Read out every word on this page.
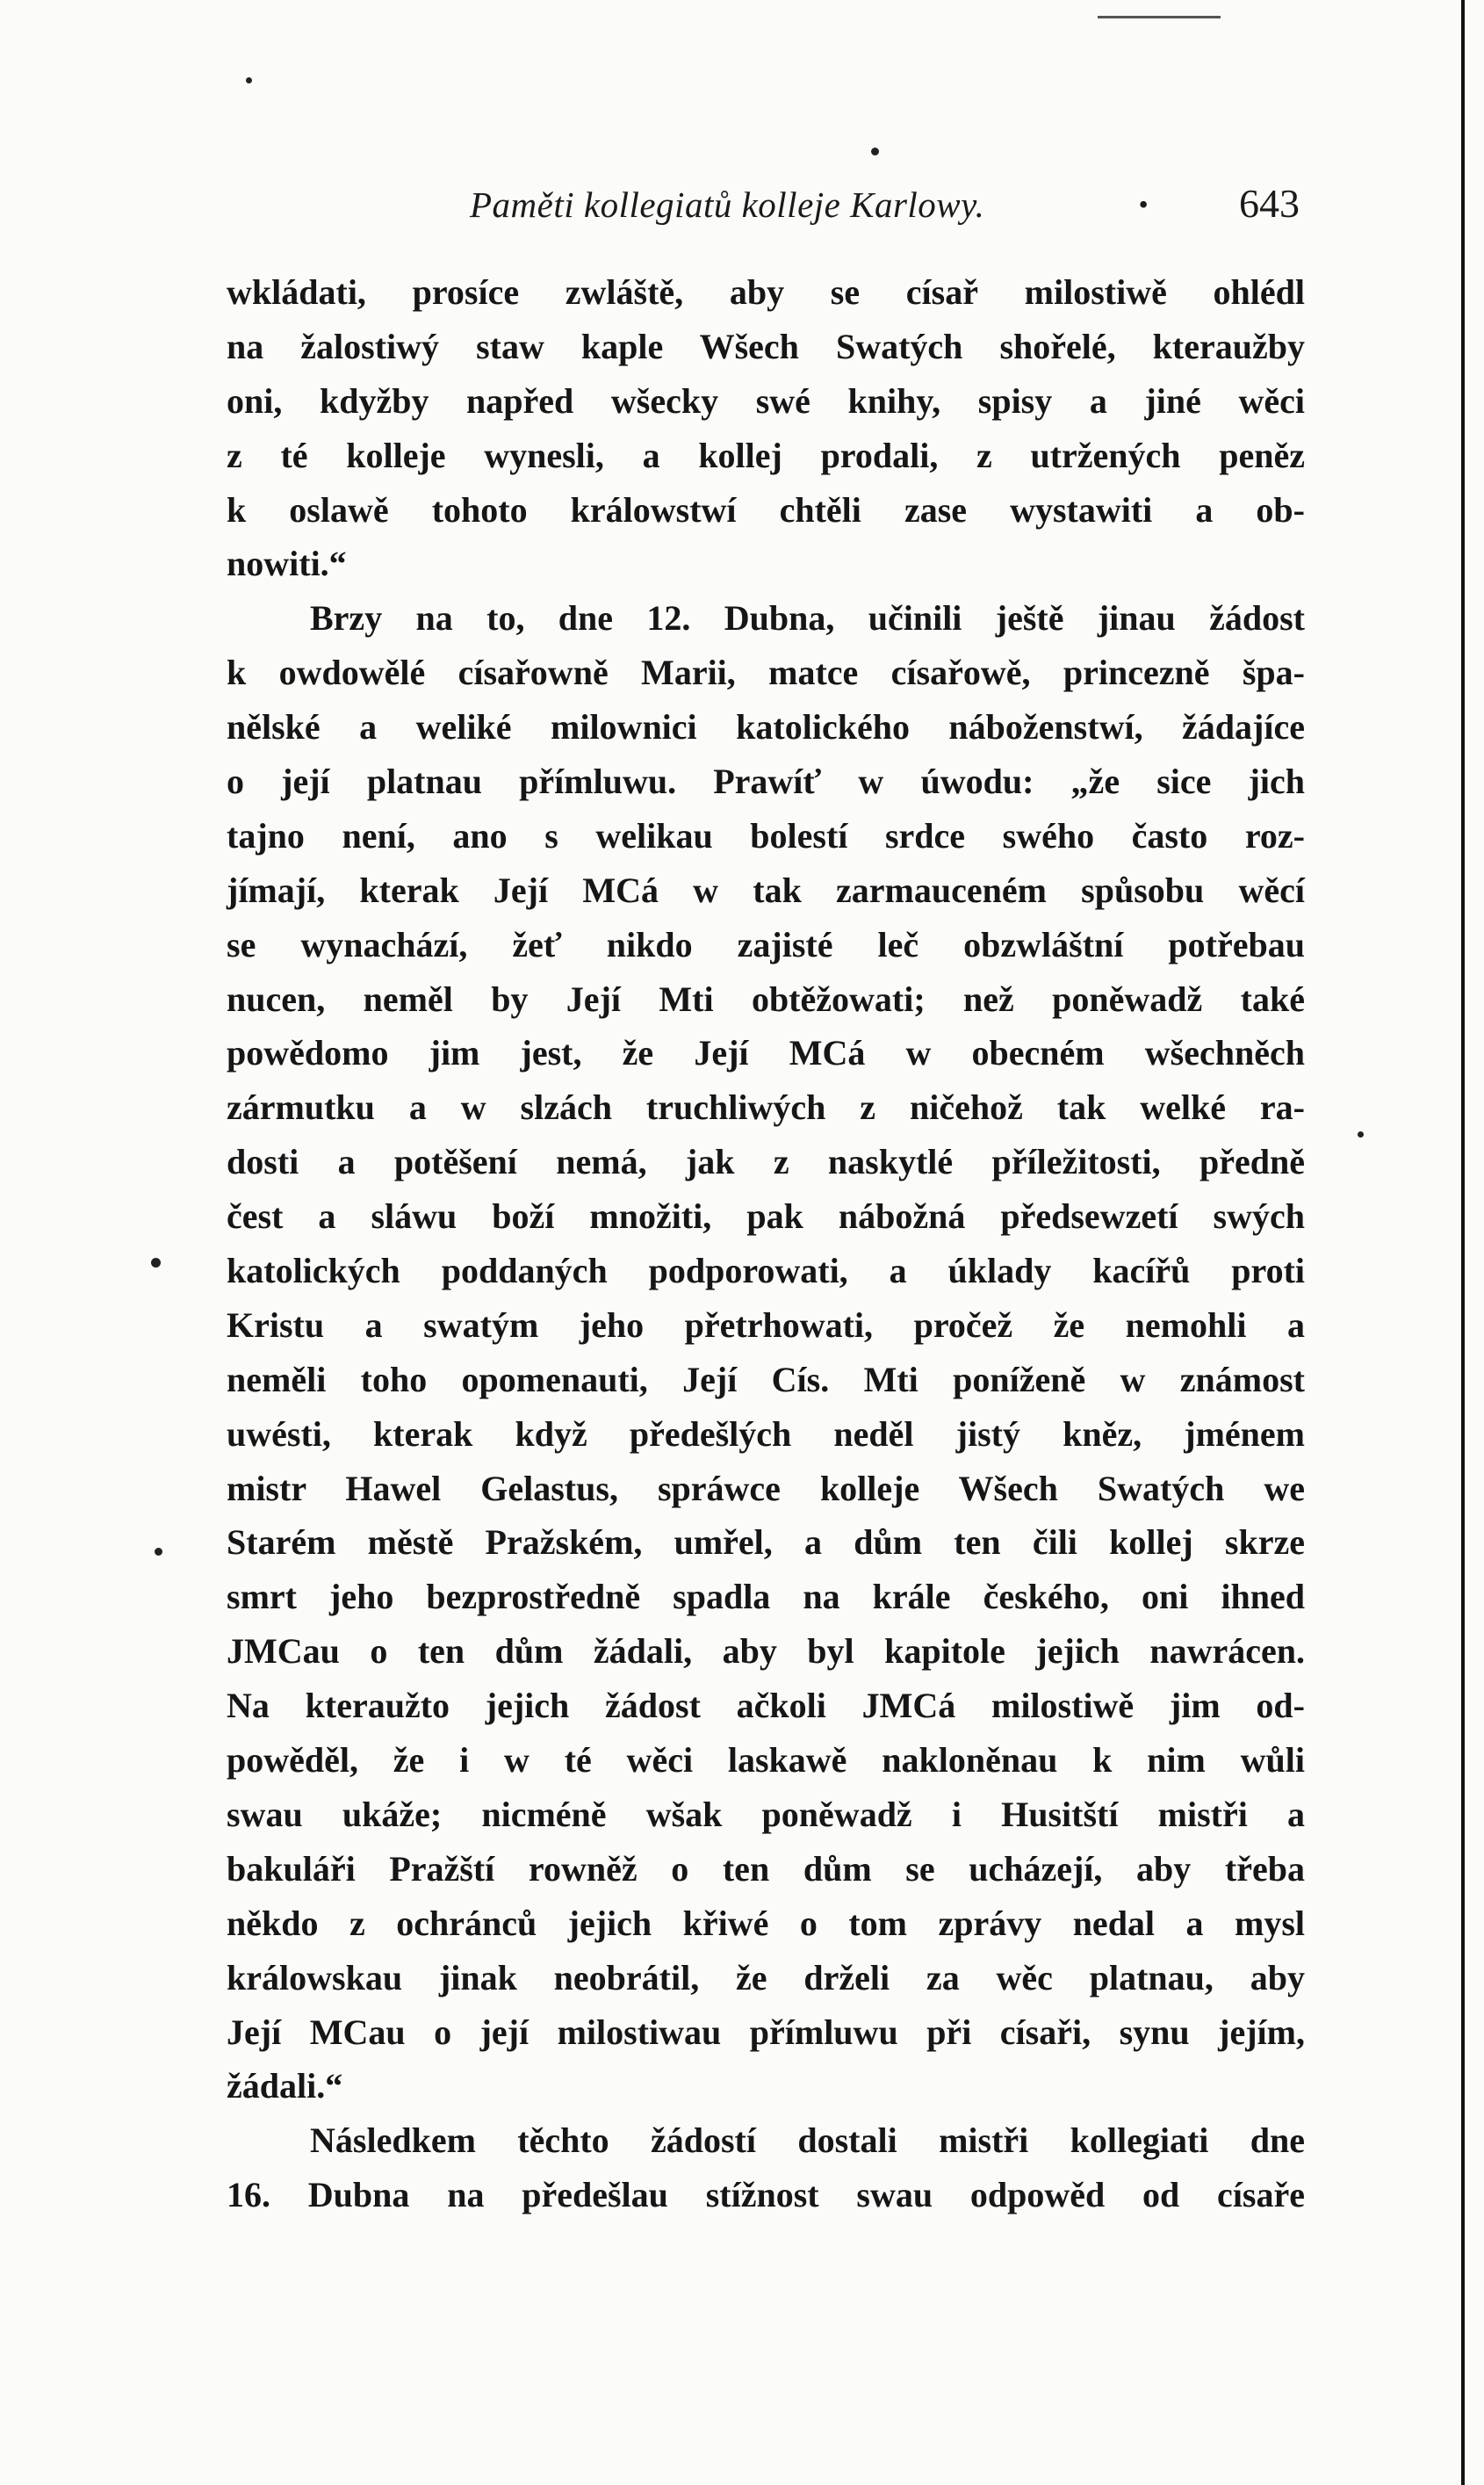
Paměti kollegiatů kolleje Karlowy.	· 643
wkládati, prosíce zwláště, aby se císař milostiwě ohlédl
na žalostiwý staw kaple Wšech Swatých shořelé, kteraužby
oni, kdyžby napřed wšecky swé knihy, spisy a jiné wěci
z té kolleje wynesli, a kollej prodali, z utržených peněz
k oslawě tohoto králowstwí chtěli zase wystawiti a ob-
nowiti.“
Brzy na to, dne 12. Dubna, učinili ještě jinau žádost
k owdowělé císařowně Marii, matce císařowě, princezně špa-
nělské a weliké milownici katolického náboženstwí, žádajíce
o její platnau přímluwu. Prawíť w úwodu: „že sice jich
tajno není, ano s welikau bolestí srdce swého často roz-
jímají, kterak Její MCá w tak zarmauceném spůsobu wěcí
se wynachází, žeť nikdo zajisté leč obzwláštní potřebau
nucen, neměl by Její Mti obtěžowati; než poněwadž také
powědomo jim jest, že Její MCá w obecném wšechněch
zármutku a w slzách truchliwých z ničehož tak welké ra-
dosti a potěšení nemá, jak z naskytlé příležitosti, předně
čest a sláwu boží množiti, pak nábožná předsewzetí swých
katolických poddaných podporowati, a úklady kacířů proti
Kristu a swatým jeho přetrhowati, pročež že nemohli a
neměli toho opomenauti, Její Cís. Mti poníženě w známost
uwésti, kterak když předešlých neděl jistý kněz, jménem
mistr Hawel Gelastus, spráwce kolleje Wšech Swatých we
Starém městě Pražském, umřel, a dům ten čili kollej skrze
smrt jeho bezprostředně spadla na krále českého, oni ihned
JMCau o ten dům žádali, aby byl kapitole jejich nawrácen.
Na kteraužto jejich žádost ačkoli JMCá milostiwě jim od-
powěděl, že i w té wěci laskawě nakloněnau k nim wůli
swau ukáže; nicméně wšak poněwadž i Husitští mistři a
bakuláři Pražští rowněž o ten dům se ucházejí, aby třeba
někdo z ochránců jejich křiwé o tom zprávy nedal a mysl
králowskau jinak neobrátil, že drželi za wěc platnau, aby
Její MCau o její milostiwau přímluwu při císaři, synu jejím,
žádali.“
Následkem těchto žádostí dostali mistři kollegiati dne
16. Dubna na předešlau stížnost swau odpowěd od císaře
